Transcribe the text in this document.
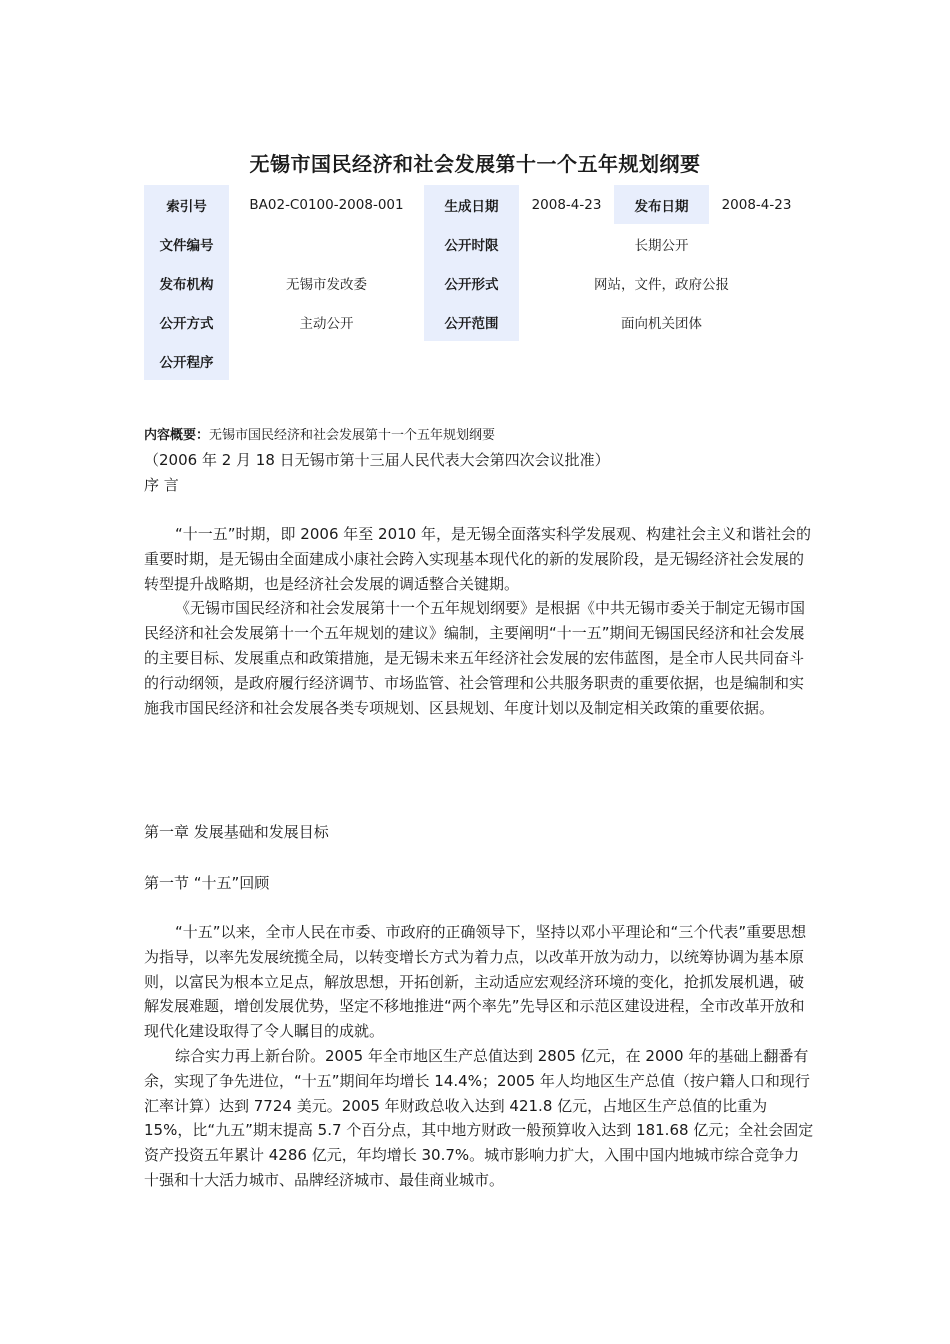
无锡市国民经济和社会发展第十一个五年规划纲要
索引号	BA02-C0100-2008-001	生成日期	2008-4-23	发布日期	2008-4-23
文件编号		公开时限	长期公开		
发布机构	无锡市发改委	公开形式	网站，文件，政府公报		
公开方式	主动公开	公开范围	面向机关团体		
公开程序					
内容概要：无锡市国民经济和社会发展第十一个五年规划纲要

（2006 年 2 月 18 日无锡市第十三届人民代表大会第四次会议批准）

序 言

“十一五”时期，即 2006 年至 2010 年，是无锡全面落实科学发展观、构建社会主义和谐社会的重要时期，是无锡由全面建成小康社会跨入实现基本现代化的新的发展阶段，是无锡经济社会发展的转型提升战略期，也是经济社会发展的调适整合关键期。

《无锡市国民经济和社会发展第十一个五年规划纲要》是根据《中共无锡市委关于制定无锡市国民经济和社会发展第十一个五年规划的建议》编制，主要阐明“十一五”期间无锡国民经济和社会发展的主要目标、发展重点和政策措施，是无锡未来五年经济社会发展的宏伟蓝图，是全市人民共同奋斗的行动纲领，是政府履行经济调节、市场监管、社会管理和公共服务职责的重要依据，也是编制和实施我市国民经济和社会发展各类专项规划、区县规划、年度计划以及制定相关政策的重要依据。

第一章 发展基础和发展目标

第一节 “十五”回顾

“十五”以来，全市人民在市委、市政府的正确领导下，坚持以邓小平理论和“三个代表”重要思想为指导，以率先发展统揽全局，以转变增长方式为着力点，以改革开放为动力，以统筹协调为基本原则，以富民为根本立足点，解放思想，开拓创新，主动适应宏观经济环境的变化，抢抓发展机遇，破解发展难题，增创发展优势，坚定不移地推进“两个率先”先导区和示范区建设进程，全市改革开放和现代化建设取得了令人瞩目的成就。

综合实力再上新台阶。2005 年全市地区生产总值达到 2805 亿元，在 2000 年的基础上翻番有余，实现了争先进位，“十五”期间年均增长 14.4%；2005 年人均地区生产总值（按户籍人口和现行汇率计算）达到 7724 美元。2005 年财政总收入达到 421.8 亿元，占地区生产总值的比重为 15%，比“九五”期末提高 5.7 个百分点，其中地方财政一般预算收入达到 181.68 亿元；全社会固定资产投资五年累计 4286 亿元，年均增长 30.7%。城市影响力扩大，入围中国内地城市综合竞争力十强和十大活力城市、品牌经济城市、最佳商业城市。
